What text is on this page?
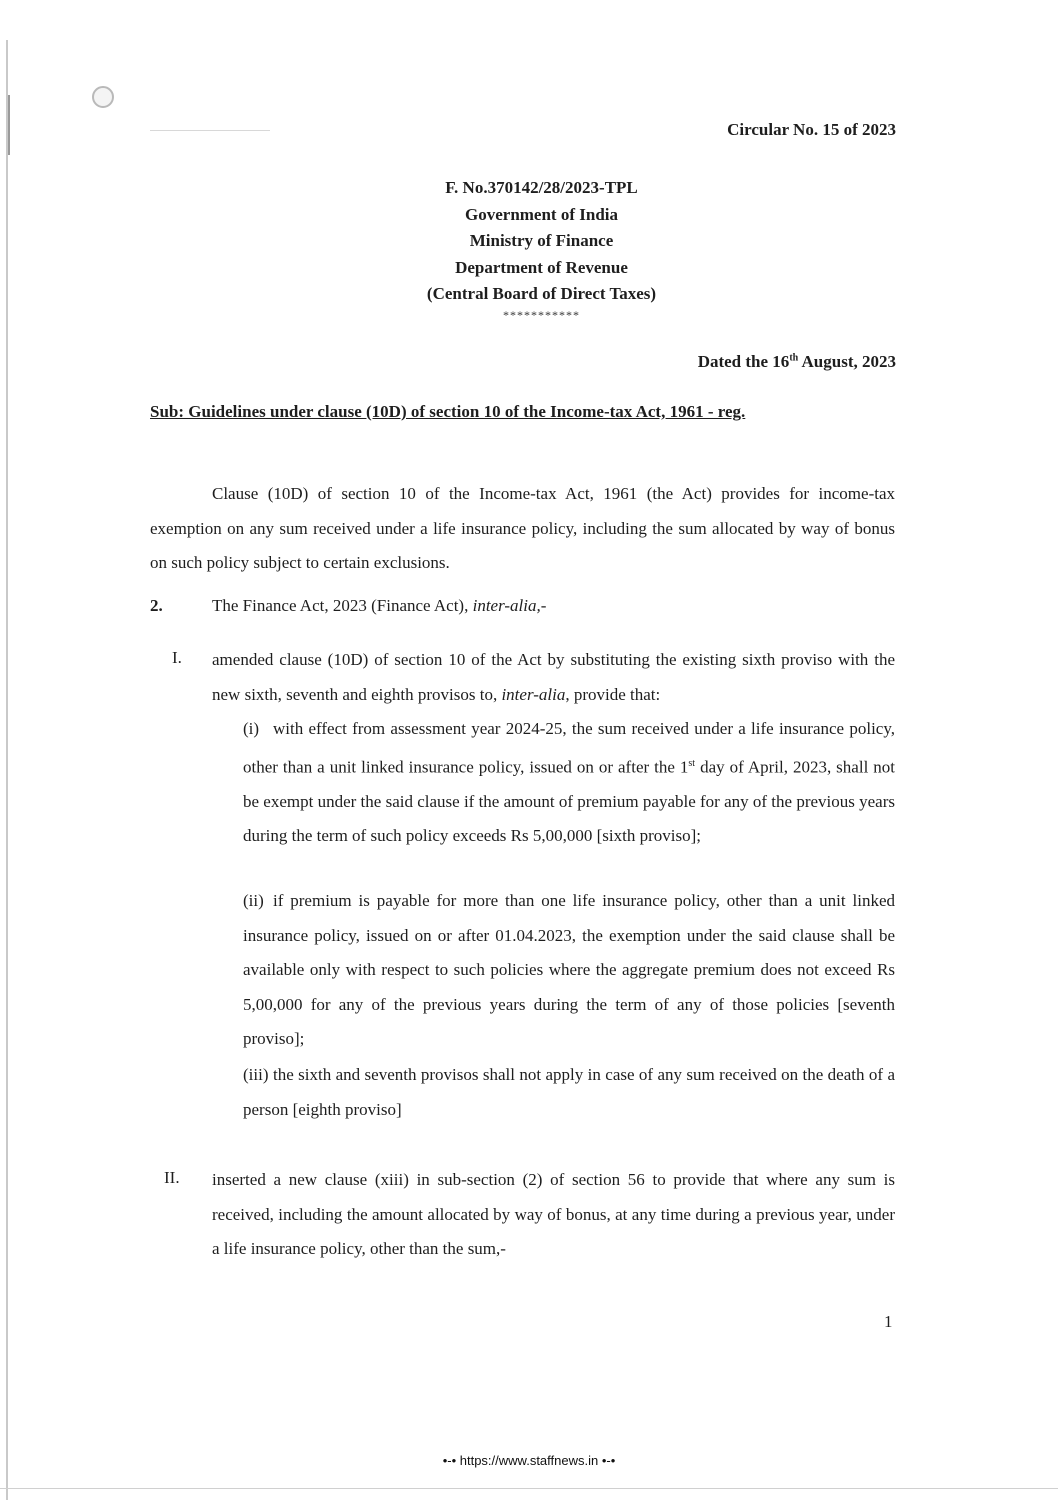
Circular No. 15 of 2023
F. No.370142/28/2023-TPL
Government of India
Ministry of Finance
Department of Revenue
(Central Board of Direct Taxes)
***********
Dated the 16th August, 2023
Sub: Guidelines under clause (10D) of section 10 of the Income-tax Act, 1961 - reg.
Clause (10D) of section 10 of the Income-tax Act, 1961 (the Act) provides for income-tax exemption on any sum received under a life insurance policy, including the sum allocated by way of bonus on such policy subject to certain exclusions.
2.	The Finance Act, 2023 (Finance Act), inter-alia,-
I. amended clause (10D) of section 10 of the Act by substituting the existing sixth proviso with the new sixth, seventh and eighth provisos to, inter-alia, provide that:
(i) with effect from assessment year 2024-25, the sum received under a life insurance policy, other than a unit linked insurance policy, issued on or after the 1st day of April, 2023, shall not be exempt under the said clause if the amount of premium payable for any of the previous years during the term of such policy exceeds Rs 5,00,000 [sixth proviso];
(ii) if premium is payable for more than one life insurance policy, other than a unit linked insurance policy, issued on or after 01.04.2023, the exemption under the said clause shall be available only with respect to such policies where the aggregate premium does not exceed Rs 5,00,000 for any of the previous years during the term of any of those policies [seventh proviso];
(iii) the sixth and seventh provisos shall not apply in case of any sum received on the death of a person [eighth proviso]
II. inserted a new clause (xiii) in sub-section (2) of section 56 to provide that where any sum is received, including the amount allocated by way of bonus, at any time during a previous year, under a life insurance policy, other than the sum,-
1
•-• https://www.staffnews.in •-•
